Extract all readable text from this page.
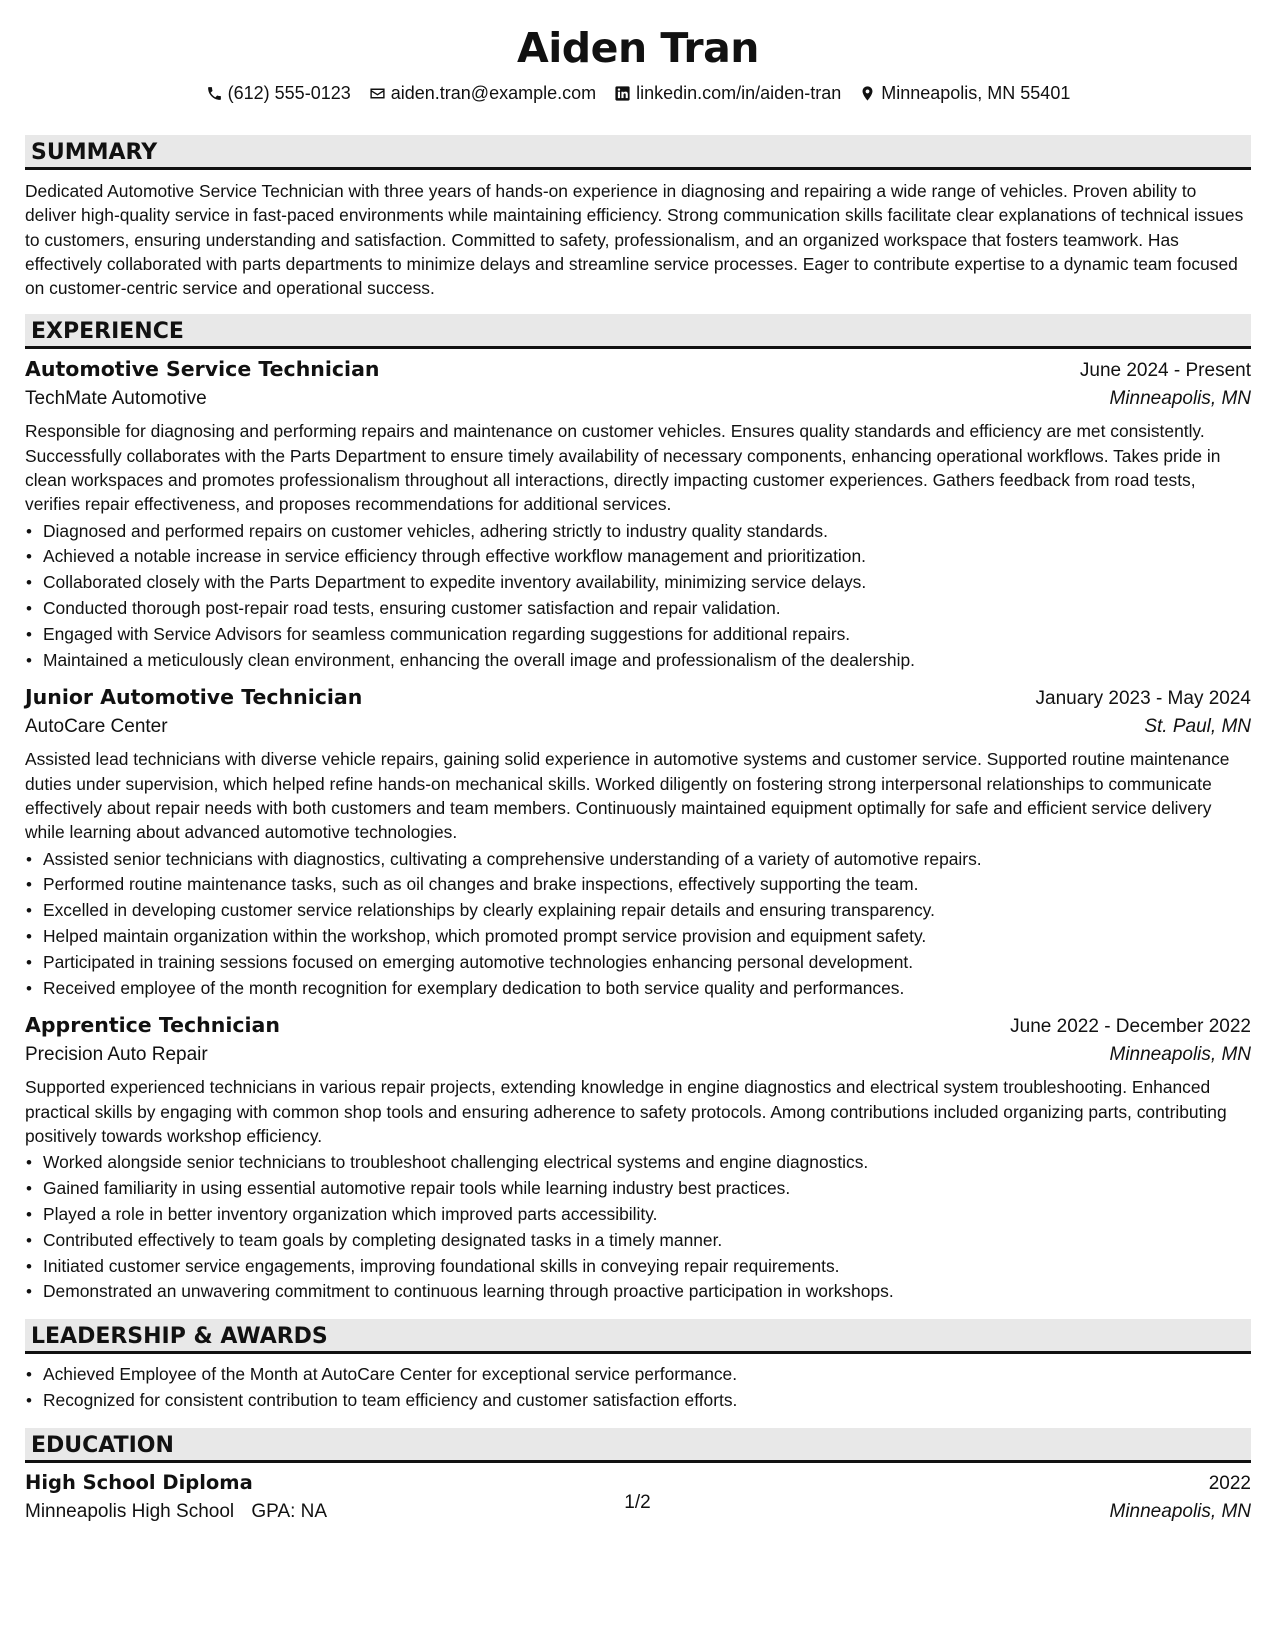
Aiden Tran
(612) 555-0123 aiden.tran@example.com linkedin.com/in/aiden-tran Minneapolis, MN 55401
SUMMARY

Dedicated Automotive Service Technician with three years of hands-on experience in diagnosing and repairing a wide range of vehicles. Proven ability to deliver high-quality service in fast-paced environments while maintaining efficiency. Strong communication skills facilitate clear explanations of technical issues to customers, ensuring understanding and satisfaction. Committed to safety, professionalism, and an organized workspace that fosters teamwork. Has effectively collaborated with parts departments to minimize delays and streamline service processes. Eager to contribute expertise to a dynamic team focused on customer-centric service and operational success.

EXPERIENCE
Automotive Service Technician	June 2024 - Present
TechMate Automotive	Minneapolis, MN

Responsible for diagnosing and performing repairs and maintenance on customer vehicles. Ensures quality standards and efficiency are met consistently. Successfully collaborates with the Parts Department to ensure timely availability of necessary components, enhancing operational workflows. Takes pride in clean workspaces and promotes professionalism throughout all interactions, directly impacting customer experiences. Gathers feedback from road tests, verifies repair effectiveness, and proposes recommendations for additional services.

• Diagnosed and performed repairs on customer vehicles, adhering strictly to industry quality standards.
• Achieved a notable increase in service efficiency through effective workflow management and prioritization.
• Collaborated closely with the Parts Department to expedite inventory availability, minimizing service delays.
• Conducted thorough post-repair road tests, ensuring customer satisfaction and repair validation.
• Engaged with Service Advisors for seamless communication regarding suggestions for additional repairs.
• Maintained a meticulously clean environment, enhancing the overall image and professionalism of the dealership.
Junior Automotive Technician	January 2023 - May 2024
AutoCare Center	St. Paul, MN

Assisted lead technicians with diverse vehicle repairs, gaining solid experience in automotive systems and customer service. Supported routine maintenance duties under supervision, which helped refine hands-on mechanical skills. Worked diligently on fostering strong interpersonal relationships to communicate effectively about repair needs with both customers and team members. Continuously maintained equipment optimally for safe and efficient service delivery while learning about advanced automotive technologies.

• Assisted senior technicians with diagnostics, cultivating a comprehensive understanding of a variety of automotive repairs.
• Performed routine maintenance tasks, such as oil changes and brake inspections, effectively supporting the team.
• Excelled in developing customer service relationships by clearly explaining repair details and ensuring transparency.
• Helped maintain organization within the workshop, which promoted prompt service provision and equipment safety.
• Participated in training sessions focused on emerging automotive technologies enhancing personal development.
• Received employee of the month recognition for exemplary dedication to both service quality and performances.
Apprentice Technician	June 2022 - December 2022
Precision Auto Repair	Minneapolis, MN

Supported experienced technicians in various repair projects, extending knowledge in engine diagnostics and electrical system troubleshooting. Enhanced practical skills by engaging with common shop tools and ensuring adherence to safety protocols. Among contributions included organizing parts, contributing positively towards workshop efficiency.

• Worked alongside senior technicians to troubleshoot challenging electrical systems and engine diagnostics.
• Gained familiarity in using essential automotive repair tools while learning industry best practices.
• Played a role in better inventory organization which improved parts accessibility.
• Contributed effectively to team goals by completing designated tasks in a timely manner.
• Initiated customer service engagements, improving foundational skills in conveying repair requirements.
• Demonstrated an unwavering commitment to continuous learning through proactive participation in workshops.
LEADERSHIP & AWARDS
• Achieved Employee of the Month at AutoCare Center for exceptional service performance.
• Recognized for consistent contribution to team efficiency and customer satisfaction efforts.
EDUCATION
High School Diploma	2022
Minneapolis High School GPA: NA	Minneapolis, MN
1/2
